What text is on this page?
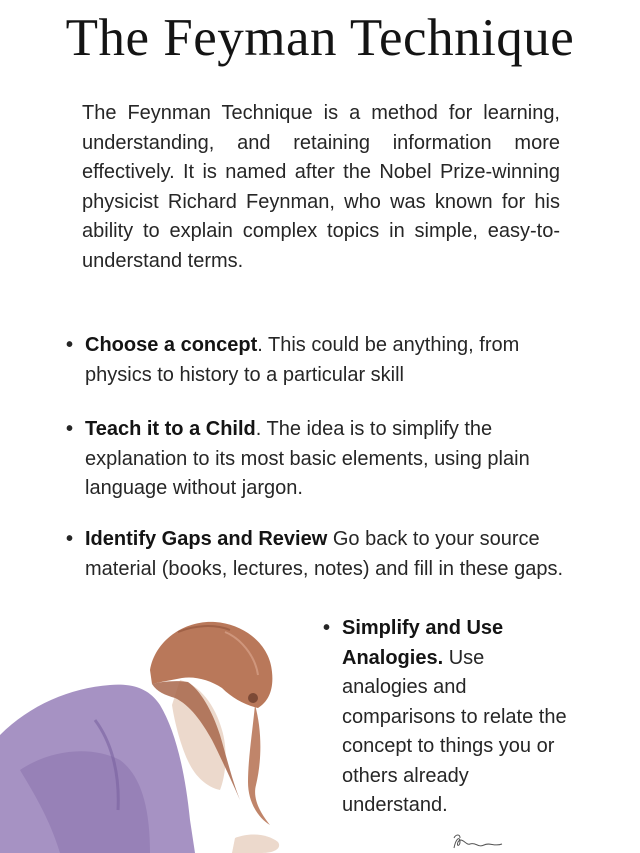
The Feyman Technique

The Feynman Technique is a method for learning, understanding, and retaining information more effectively. It is named after the Nobel Prize-winning physicist Richard Feynman, who was known for his ability to explain complex topics in simple, easy-to-understand terms.

• Choose a concept. This could be anything, from physics to history to a particular skill
• Teach it to a Child. The idea is to simplify the explanation to its most basic elements, using plain language without jargon.
• Identify Gaps and Review Go back to your source material (books, lectures, notes) and fill in these gaps.
• Simplify and Use Analogies. Use analogies and comparisons to relate the concept to things you or others already understand.
